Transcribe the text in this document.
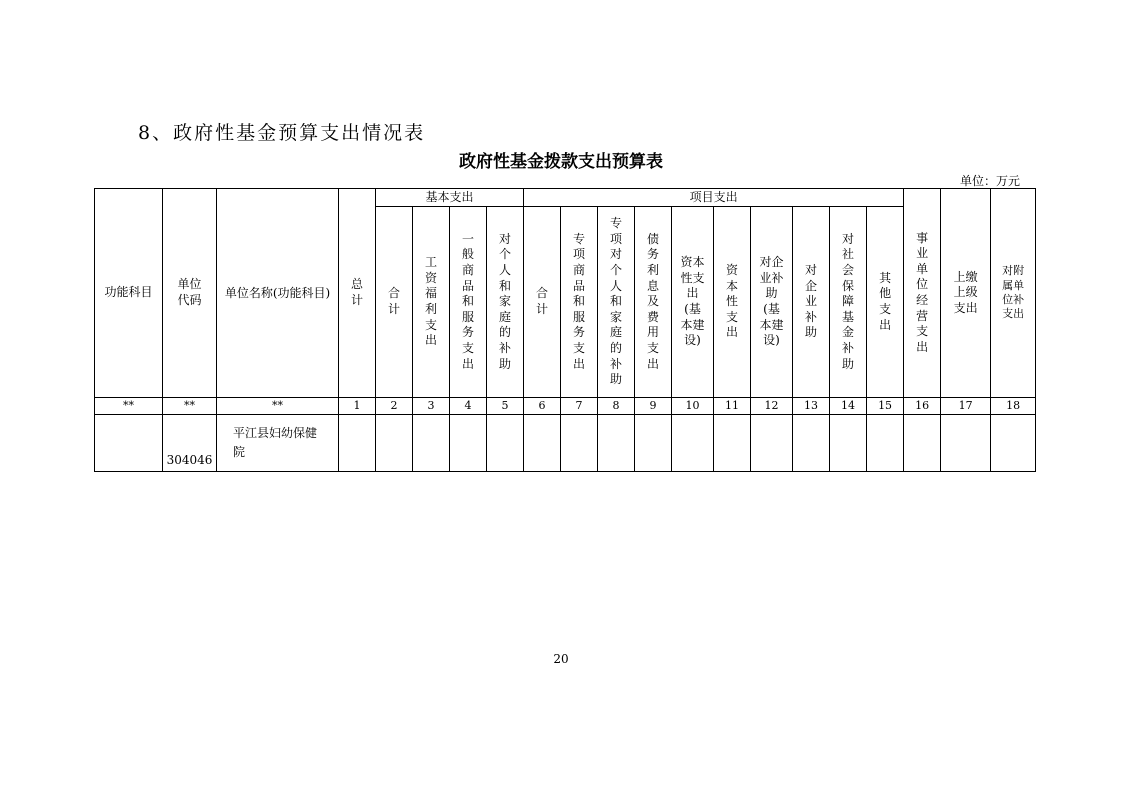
8、政府性基金预算支出情况表
政府性基金拨款支出预算表
单位：万元
功能科目	单位代码	单位名称(功能科目)	总计	基本支出				项目支出										事业单位经营支出	上缴上级支出	对附属单位补支出
				合计	工资福利支出	一般商品和服务支出	对个人和家庭的补助	合计	专项商品和服务支出	专项对个人和家庭的补助	债务利息及费用支出	资本性支出(基本建设)	资本性支出	对企业补助(基本建设)	对企业补助	对社会保障基金补助	其他支出			
**	**	**	1	2	3	4	5	6	7	8	9	10	11	12	13	14	15	16	17	18
	304046	平江县妇幼保健院																		
20
